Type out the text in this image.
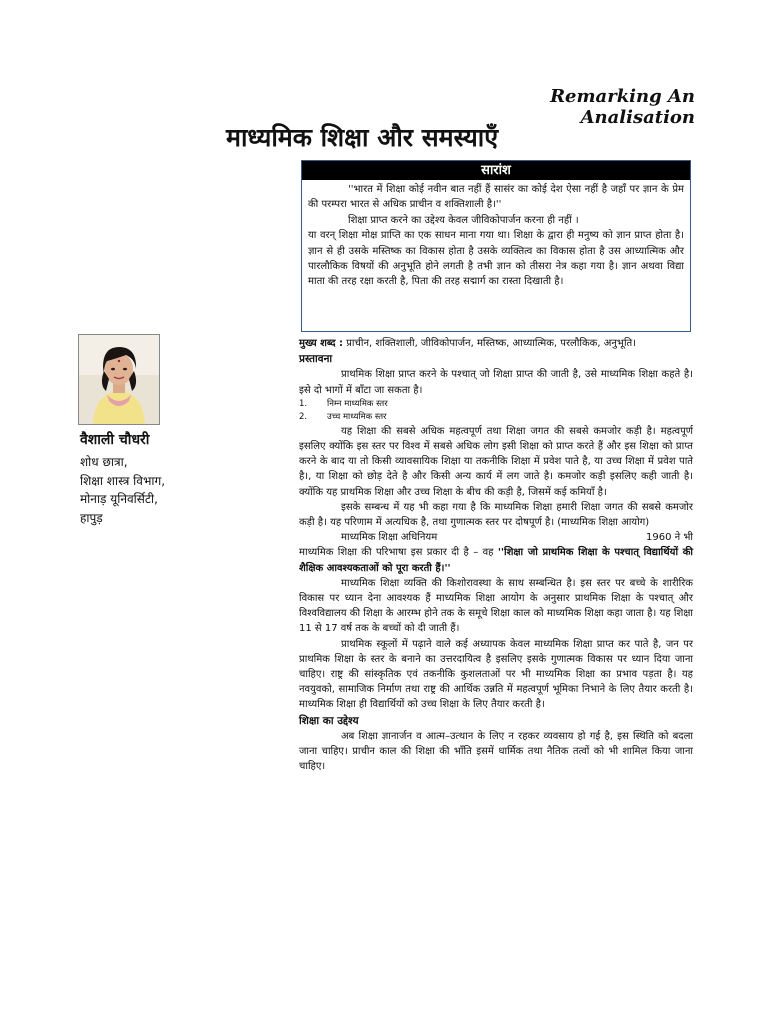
Remarking An Analisation
माध्यमिक शिक्षा और समस्याएँ
सारांश

''भारत में शिक्षा कोई नवीन बात नहीं हैं सासंर का कोई देश ऐसा नहीं है जहाँ पर ज्ञान के प्रेम की परम्परा भारत से अधिक प्राचीन व शक्तिशाली है।''

शिक्षा प्राप्त करने का उद्देश्य केवल जीविकोपार्जन करना ही नहीं ।

या वरन् शिक्षा मोक्ष प्राप्ति का एक साधन माना गया था। शिक्षा के द्वारा ही मनुष्य को ज्ञान प्राप्त होता है। ज्ञान से ही उसके मस्तिष्क का विकास होता है उसके व्यक्तित्व का विकास होता है उस आध्यात्मिक और पारलौकिक विषयों की अनुभूति होने लगती है तभी ज्ञान को तीसरा नेत्र कहा गया है। ज्ञान अथवा विद्या माता की तरह रक्षा करती है, पिता की तरह सद्मार्ग का रास्ता दिखाती है।

वैशाली चौधरी
शोध छात्रा,
शिक्षा शास्त्र विभाग,
मोनाड़ यूनिवर्सिटी,
हापुड़

मुख्य शब्द : प्राचीन, शक्तिशाली, जीविकोपार्जन, मस्तिष्क, आध्यात्मिक, परलौकिक, अनुभूति।

प्रस्तावना

प्राथमिक शिक्षा प्राप्त करने के पश्चात् जो शिक्षा प्राप्त की जाती है, उसे माध्यमिक शिक्षा कहते है। इसे दो भागों में बाँटा जा सकता है।

1.	निम्न माध्यमिक स्तर
2.	उच्च माध्यमिक स्तर

यह शिक्षा की सबसे अधिक महत्वपूर्ण तथा शिक्षा जगत की सबसे कमजोर कड़ी है। महत्वपूर्ण इसलिए क्योंकि इस स्तर पर विश्व में सबसे अधिक लोग इसी शिक्षा को प्राप्त करते हैं और इस शिक्षा को प्राप्त करने के बाद या तो किसी व्यावसायिक शिक्षा या तकनीकि शिक्षा में प्रवेश पाते है, या उच्च शिक्षा में प्रवेश पाते है।, या शिक्षा को छोड़ देते है और किसी अन्य कार्य में लग जाते है। कमजोर कड़ी इसलिए कही जाती है। क्योंकि यह प्राथमिक शिक्षा और उच्च शिक्षा के बीच की कड़ी है, जिसमें कई कमियाँ है।

इसके सम्बन्ध में यह भी कहा गया है कि माध्यमिक शिक्षा हमारी शिक्षा जगत की सबसे कमजोर कड़ी है। यह परिणाम में अत्यधिक है, तथा गुणात्मक स्तर पर दोषपूर्ण है। (माध्यमिक शिक्षा आयोग)

माध्यमिक शिक्षा अधिनियम	1960 ने भी

माध्यमिक शिक्षा की परिभाषा इस प्रकार दी है – वह ''शिक्षा जो प्राथमिक शिक्षा के पश्चात् विद्यार्थियों की शैक्षिक आवश्यकताओं को पूरा करती हैं।''

माध्यमिक शिक्षा व्यक्ति की किशोरावस्था के साथ सम्बन्धित है। इस स्तर पर बच्चे के शारीरिक विकास पर ध्यान देना आवश्यक हैं माध्यमिक शिक्षा आयोग के अनुसार प्राथमिक शिक्षा के पश्चात् और विश्वविद्यालय की शिक्षा के आरम्भ होने तक के समूचे शिक्षा काल को माध्यमिक शिक्षा कहा जाता है। यह शिक्षा 11 से 17 वर्ष तक के बच्चों को दी जाती हैं।

प्राथमिक स्कूलों में पढ़ाने वाले कई अध्यापक केवल माध्यमिक शिक्षा प्राप्त कर पाते है, जन पर प्राथमिक शिक्षा के स्तर के बनाने का उत्तरदायित्व है इसलिए इसके गुणात्मक विकास पर ध्यान दिया जाना चाहिए। राष्ट्र की सांस्कृतिक एवं तकनीकि कुशलताओं पर भी माध्यमिक शिक्षा का प्रभाव पड़ता है। यह नवयुवको, सामाजिक निर्माण तथा राष्ट्र की आर्थिक उन्नति में महत्वपूर्ण भूमिका निभाने के लिए तैयार करती है। माध्यमिक शिक्षा ही विद्यार्थियों को उच्च शिक्षा के लिए तैयार करती है।

शिक्षा का उद्देश्य

अब शिक्षा ज्ञानार्जन व आत्म–उत्थान के लिए न रहकर व्यवसाय हो गई है, इस स्थिति को बदला जाना चाहिए। प्राचीन काल की शिक्षा की भाँति इसमें धार्मिक तथा नैतिक तत्वों को भी शामिल किया जाना चाहिए।
